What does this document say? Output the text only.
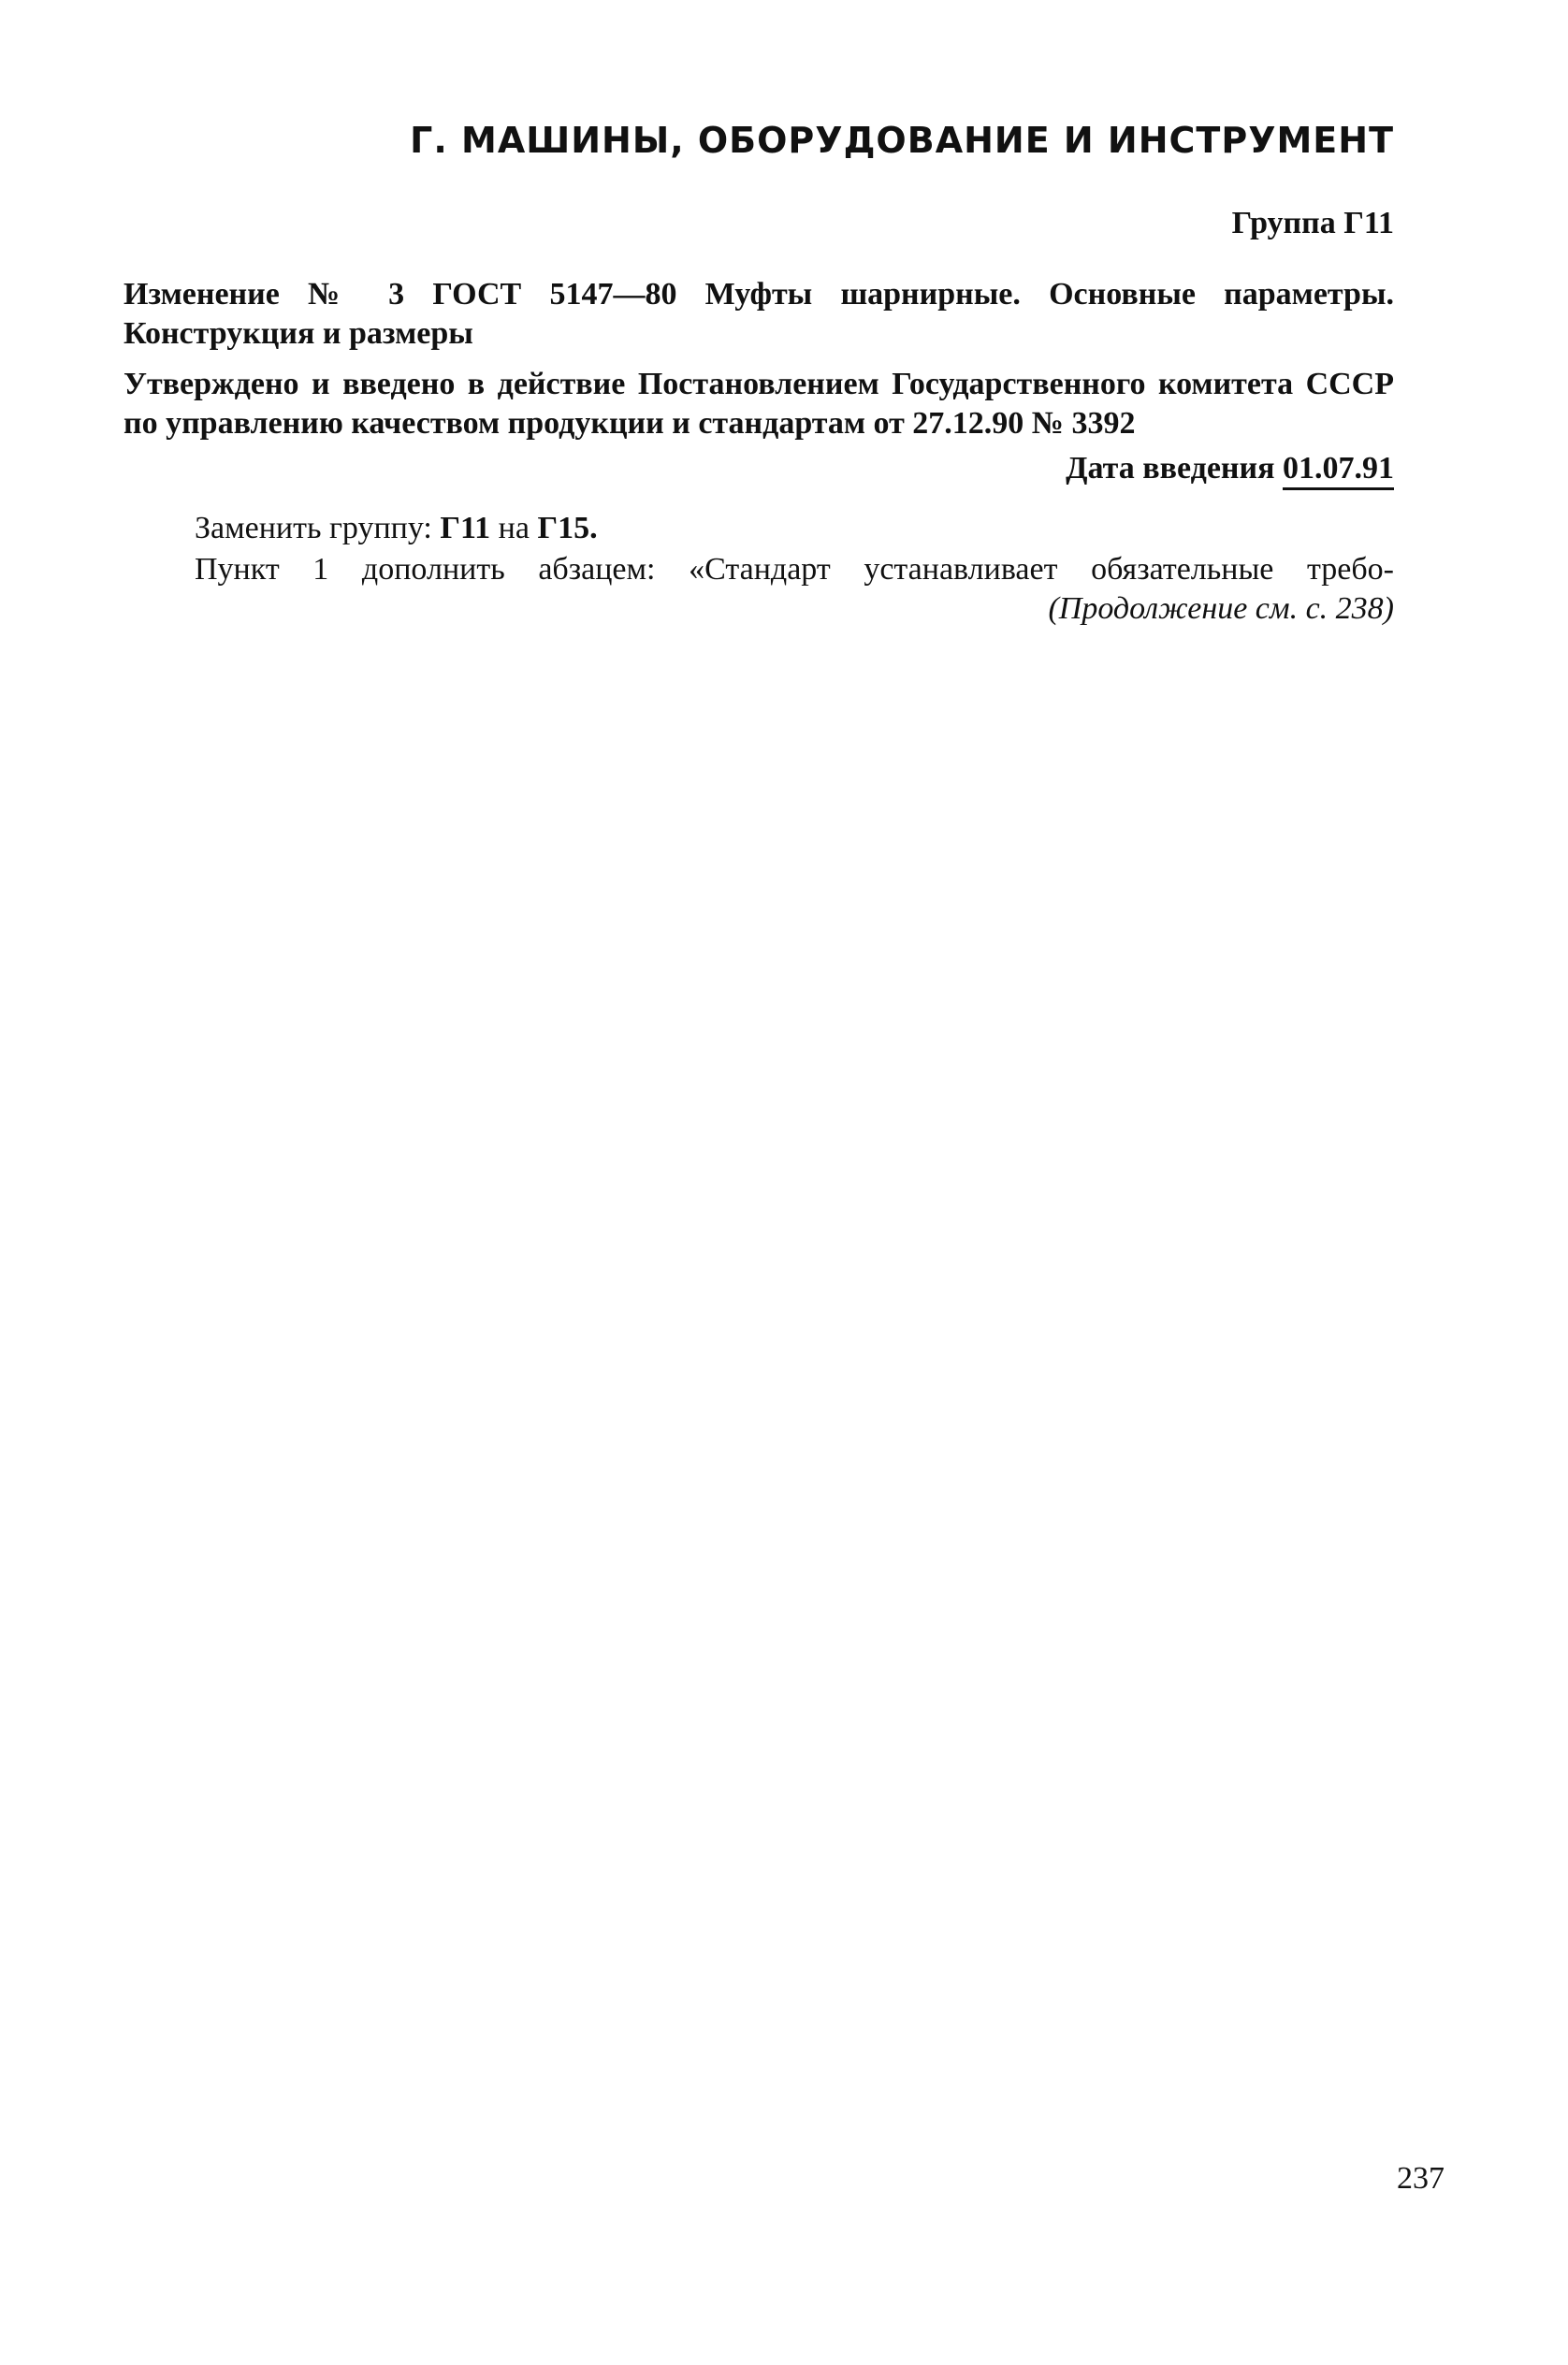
Г. МАШИНЫ, ОБОРУДОВАНИЕ И ИНСТРУМЕНТ
Группа Г11
Изменение № 3 ГОСТ 5147—80 Муфты шарнирные. Основные параметры. Конструкция и размеры
Утверждено и введено в действие Постановлением Государственного комитета СССР по управлению качеством продукции и стандартам от 27.12.90 № 3392
Дата введения 01.07.91
Заменить группу: Г11 на Г15.
Пункт 1 дополнить абзацем: «Стандарт устанавливает обязательные требо-
(Продолжение см. с. 238)
237
